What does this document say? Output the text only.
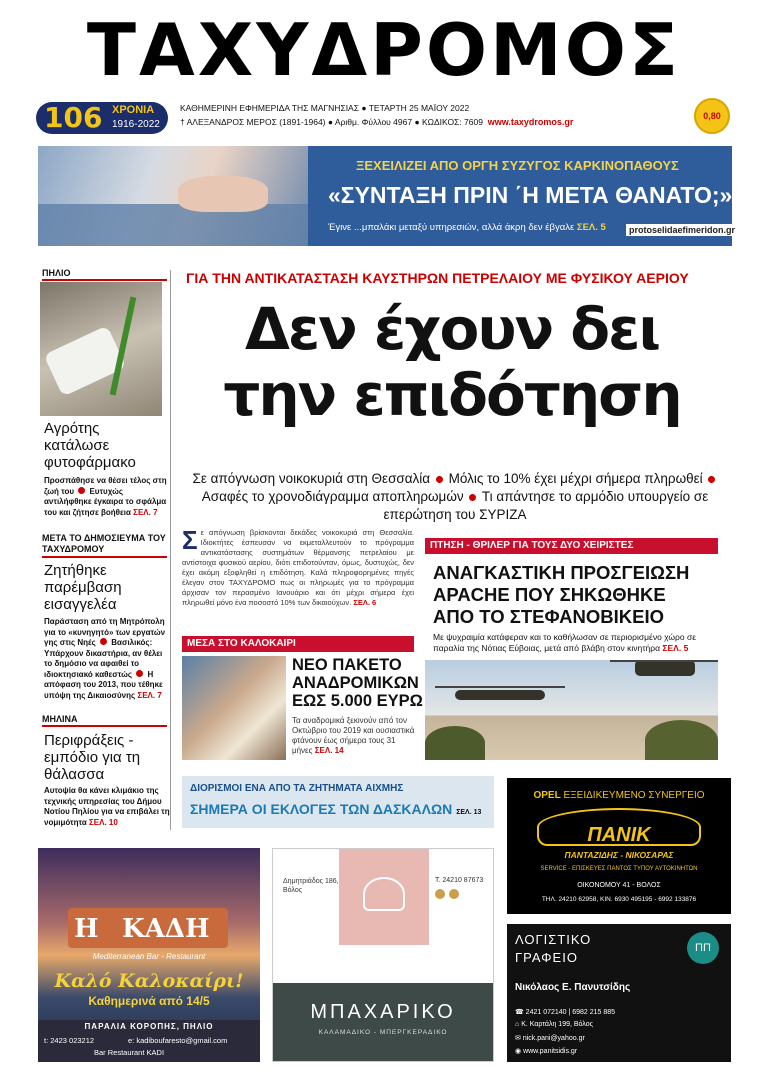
ΤΑΧΥΔΡΟΜΟΣ
106 ΧΡΟΝΙΑ
1916-2022
ΚΑΘΗΜΕΡΙΝΗ ΕΦΗΜΕΡΙΔΑ ΤΗΣ ΜΑΓΝΗΣΙΑΣ ● ΤΕΤΑΡΤΗ 25 ΜΑΪΟΥ 2022
† ΑΛΕΞΑΝΔΡΟΣ ΜΕΡΟΣ (1891-1964) ● Αριθμ. Φύλλου 4967 ● ΚΩΔΙΚΟΣ: 7609 www.taxydromos.gr
0,80
ΞΕΧΕΙΛΙΖΕΙ ΑΠΟ ΟΡΓΗ ΣΥΖΥΓΟΣ ΚΑΡΚΙΝΟΠΑΘΟΥΣ
«ΣΥΝΤΑΞΗ ΠΡΙΝ ΄Η ΜΕΤΑ ΘΑΝΑΤΟ;»
Έγινε ...μπαλάκι μεταξύ υπηρεσιών, αλλά άκρη δεν έβγαλε ΣΕΛ. 5	protoselidaefimeridon.gr
ΠΗΛΙΟ
Αγρότης κατάλωσε φυτοφάρμακο
Προσπάθησε να θέσει τέλος στη ζωή του Ευτυχώς αντιλήφθηκε έγκαιρα το σφάλμα του και ζήτησε βοήθεια ΣΕΛ. 7
ΜΕΤΑ ΤΟ ΔΗΜΟΣΙΕΥΜΑ ΤΟΥ ΤΑΧΥΔΡΟΜΟΥ
Ζητήθηκε παρέμβαση εισαγγελέα
Παράσταση από τη Μητρόπολη για το «κυνηγητό» των εργατών γης στις Νηές Βασιλικός: Υπάρχουν δικαστήρια, αν θέλει το δημόσιο να αφαιθεί το ιδιοκτησιακό καθεστώς Η απόφαση του 2013, που τέθηκε υπόψη της Δικαιοσύνης ΣΕΛ. 7
ΜΗΛΙΝΑ
Περιφράξεις - εμπόδιο για τη θάλασσα
Αυτοψία θα κάνει κλιμάκιο της τεχνικής υπηρεσίας του Δήμου Νοτίου Πηλίου για να επιβάλει τη νομιμότητα ΣΕΛ. 10
ΓΙΑ ΤΗΝ ΑΝΤΙΚΑΤΑΣΤΑΣΗ ΚΑΥΣΤΗΡΩΝ ΠΕΤΡΕΛΑΙΟΥ ΜΕ ΦΥΣΙΚΟΥ ΑΕΡΙΟΥ
Δεν έχουν δει
την επιδότηση
Σε απόγνωση νοικοκυριά στη Θεσσαλία Μόλις το 10% έχει μέχρι σήμερα πληρωθεί  Ασαφές το χρονοδιάγραμμα αποπληρωμών Τι απάντησε το αρμόδιο υπουργείο σε επερώτηση του ΣΥΡΙΖΑ
Σ ε απόγνωση βρίσκονται δεκάδες νοικοκυριά στη Θεσσαλία. Ιδιοκτήτες έσπευσαν να εκμεταλλευτούν το πρόγραμμα αντικατάστασης συστημάτων θέρμανσης πετρελαίου με αντίστοιχα φυσικού αερίου, διότι επιδοτούνταν, όμως, δυστυχώς, δεν έχει ακόμη εξοφληθεί η επιδότηση. Καλά πληροφορημένες πηγές έλεγαν στον ΤΑΧΥΔΡΟΜΟ πως οι πληρωμές για το πρόγραμμα άρχισαν τον περασμένο Ιανουάριο και ότι μέχρι σήμερα έχει πληρωθεί μόνο ένα ποσοστό 10% των δικαιούχων. ΣΕΛ. 6
ΠΤΗΣΗ - ΘΡΙΛΕΡ ΓΙΑ ΤΟΥΣ ΔΥΟ ΧΕΙΡΙΣΤΕΣ
ΑΝΑΓΚΑΣΤΙΚΗ ΠΡΟΣΓΕΙΩΣΗ
APACHE ΠΟΥ ΣΗΚΩΘΗΚΕ
ΑΠΟ ΤΟ ΣΤΕΦΑΝΟΒΙΚΕΙΟ
Με ψυχραιμία κατάφεραν και το καθήλωσαν σε περιορισμένο χώρο σε παραλία της Νότιας Εύβοιας, μετά από βλάβη στον κινητήρα ΣΕΛ. 5
ΜΕΣΑ ΣΤΟ ΚΑΛΟΚΑΙΡΙ
ΝΕΟ ΠΑΚΕΤΟ
ΑΝΑΔΡΟΜΙΚΩΝ
ΕΩΣ 5.000 ΕΥΡΩ
Τα αναδρομικά ξεκινούν από τον Οκτώβριο του 2019 και ουσιαστικά φτάνουν έως σήμερα τους 31 μήνες ΣΕΛ. 14
ΔΙΟΡΙΣΜΟΙ ΕΝΑ ΑΠΟ ΤΑ ΖΗΤΗΜΑΤΑ ΑΙΧΜΗΣ
ΣΗΜΕΡΑ ΟΙ ΕΚΛΟΓΕΣ ΤΩΝ ΔΑΣΚΑΛΩΝ ΣΕΛ. 13
OPEL ΕΞΕΙΔΙΚΕΥΜΕΝΟ ΣΥΝΕΡΓΕΙΟ
ΠΑΝΙΚ
ΠΑΝΤΑΖΙΔΗΣ - ΝΙΚΟΣΑΡΑΣ
SERVICE - ΕΠΙΣΚΕΥΕΣ ΠΑΝΤΟΣ ΤΥΠΟΥ ΑΥΤΟΚΙΝΗΤΩΝ
ΟΙΚΟΝΟΜΟΥ 41 - ΒΟΛΟΣ
ΤΗΛ. 24210 62958, ΚΙΝ. 6930 495195 - 6992 133876
Η ΚΑΔΗ
Mediterranean Bar - Restaurant
Καλό Καλοκαίρι!
Καθημερινά από 14/5
ΠΑΡΑΛΙΑ ΚΟΡΟΠΗΣ, ΠΗΛΙΟ
t: 2423 023212	e: kadiboufaresto@gmail.com
Bar Restaurant KADI
Δημητριάδος 186, Βόλος
Τ. 24210 87673
ΜΠΑΧΑΡΙΚΟ
ΚΑΛΑΜΑΔΙΚΟ - ΜΠΕΡΓΚΕΡΑΔΙΚΟ
ΛΟΓΙΣΤΙΚΟ
ΓΡΑΦΕΙΟ
ΠΠ
Νικόλαος Ε. Πανυτσίδης
☎ 2421 072140 | 6982 215 885
⌂ Κ. Καρτάλη 199, Βόλος
✉ nick.pani@yahoo.gr
◉ www.panitsidis.gr
